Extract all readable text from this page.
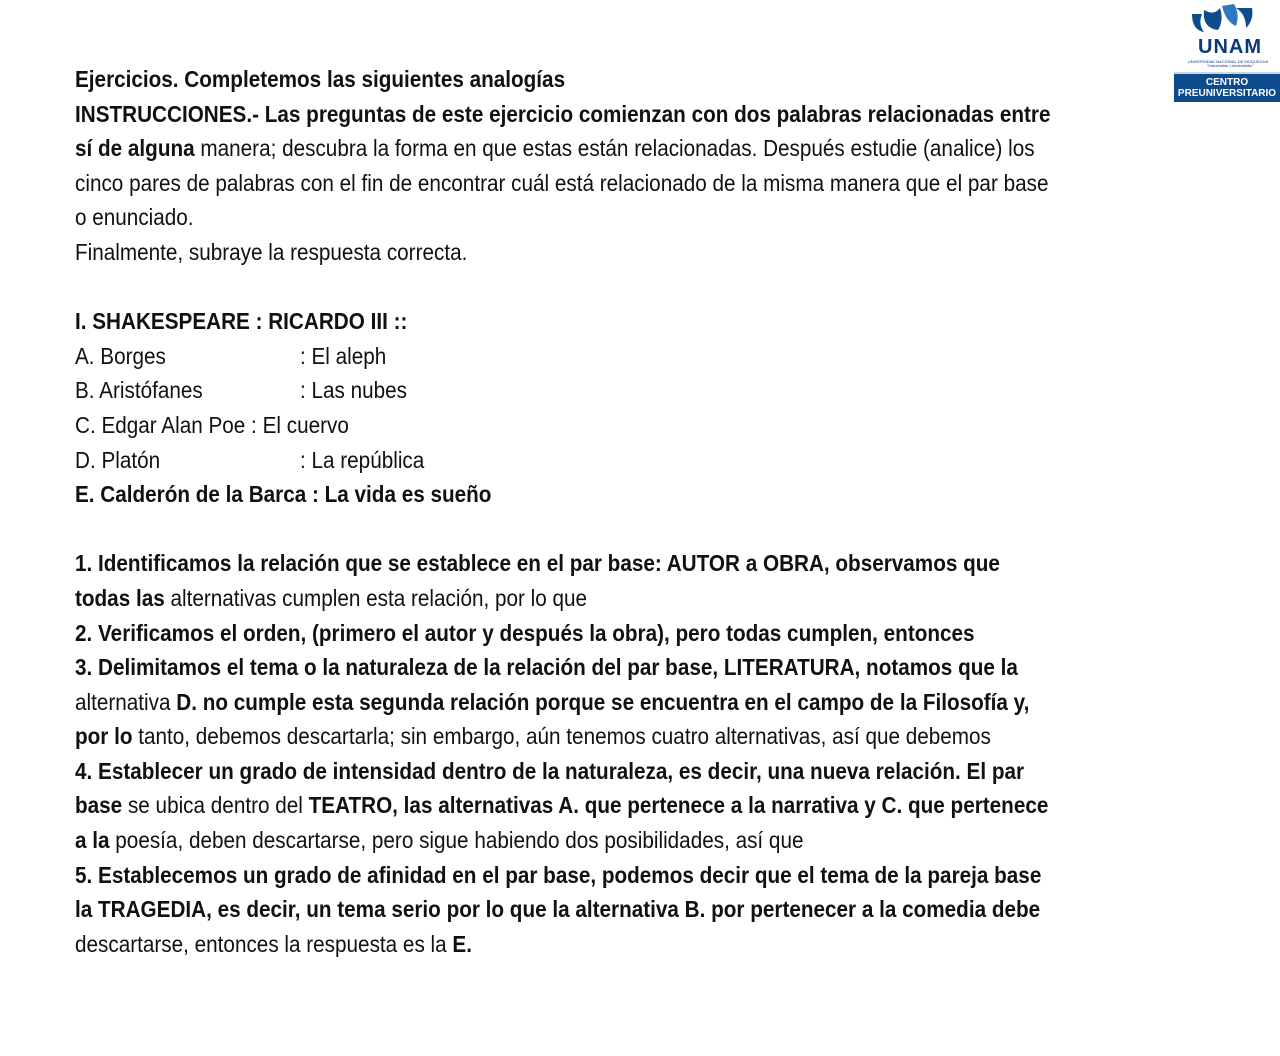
UNAM
UNIVERSIDAD NACIONAL DE MOQUEGUA
"Universitas, Universitatis"
CENTRO
PREUNIVERSITARIO
Ejercicios. Completemos las siguientes analogías
INSTRUCCIONES.- Las preguntas de este ejercicio comienzan con dos palabras relacionadas entre
sí de alguna manera; descubra la forma en que estas están relacionadas. Después estudie (analice) los
cinco pares de palabras con el fin de encontrar cuál está relacionado de la misma manera que el par base
o enunciado.
Finalmente, subraye la respuesta correcta.
I. SHAKESPEARE : RICARDO III ::
A. Borges	: El aleph
B. Aristófanes	: Las nubes
C. Edgar Alan Poe : El cuervo
D. Platón	: La república
E. Calderón de la Barca : La vida es sueño
1. Identificamos la relación que se establece en el par base: AUTOR a OBRA, observamos que
todas las alternativas cumplen esta relación, por lo que
2. Verificamos el orden, (primero el autor y después la obra), pero todas cumplen, entonces
3. Delimitamos el tema o la naturaleza de la relación del par base, LITERATURA, notamos que la
alternativa D. no cumple esta segunda relación porque se encuentra en el campo de la Filosofía y,
por lo tanto, debemos descartarla; sin embargo, aún tenemos cuatro alternativas, así que debemos
4. Establecer un grado de intensidad dentro de la naturaleza, es decir, una nueva relación. El par
base se ubica dentro del TEATRO, las alternativas A. que pertenece a la narrativa y C. que pertenece
a la poesía, deben descartarse, pero sigue habiendo dos posibilidades, así que
5. Establecemos un grado de afinidad en el par base, podemos decir que el tema de la pareja base
la TRAGEDIA, es decir, un tema serio por lo que la alternativa B. por pertenecer a la comedia debe
descartarse, entonces la respuesta es la E.
